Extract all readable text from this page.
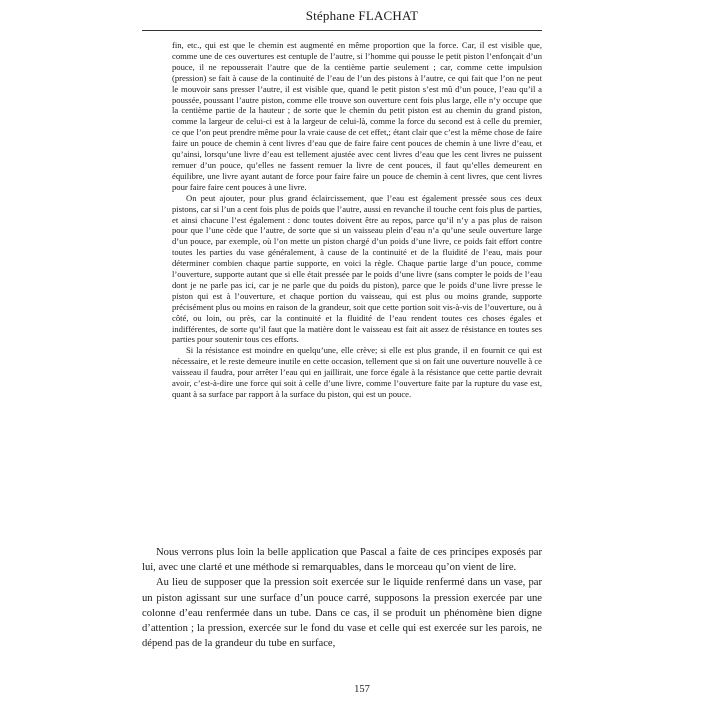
Stéphane FLACHAT

fin, etc., qui est que le chemin est augmenté en même proportion que la force. Car, il est visible que, comme une de ces ouvertures est centuple de l’autre, si l’homme qui pousse le petit piston l’enfonçait d’un pouce, il ne repousserait l’autre que de la centième partie seulement ; car, comme cette impulsion (pression) se fait à cause de la continuité de l’eau de l’un des pistons à l’autre, ce qui fait que l’on ne peut le mouvoir sans presser l’autre, il est visible que, quand le petit piston s’est mû d’un pouce, l’eau qu’il a poussée, poussant l’autre piston, comme elle trouve son ouverture cent fois plus large, elle n’y occupe que la centième partie de la hauteur ; de sorte que le chemin du petit piston est au chemin du grand piston, comme la largeur de celui-ci est à la largeur de celui-là, comme la force du second est à celle du premier, ce que l’on peut prendre même pour la vraie cause de cet effet,; étant clair que c’est la même chose de faire faire un pouce de chemin à cent livres d’eau que de faire faire cent pouces de chemin à une livre d’eau, et qu’ainsi, lorsqu’une livre d’eau est tellement ajustée avec cent livres d’eau que les cent livres ne puissent remuer d’un pouce, qu’elles ne fassent remuer la livre de cent pouces, il faut qu’elles demeurent en équilibre, une livre ayant autant de force pour faire faire un pouce de chemin à cent livres, que cent livres pour faire faire cent pouces à une livre.

On peut ajouter, pour plus grand éclaircissement, que l’eau est également pressée sous ces deux pistons, car si l’un a cent fois plus de poids que l’autre, aussi en revanche il touche cent fois plus de parties, et ainsi chacune l’est également : donc toutes doivent être au repos, parce qu’il n’y a pas plus de raison pour que l’une cède que l’autre, de sorte que si un vaisseau plein d’eau n’a qu’une seule ouverture large d’un pouce, par exemple, où l’on mette un piston chargé d’un poids d’une livre, ce poids fait effort contre toutes les parties du vase généralement, à cause de la continuité et de la fluidité de l’eau, mais pour déterminer combien chaque partie supporte, en voici la règle. Chaque partie large d’un pouce, comme l’ouverture, supporte autant que si elle était pressée par le poids d’une livre (sans compter le poids de l’eau dont je ne parle pas ici, car je ne parle que du poids du piston), parce que le poids d’une livre presse le piston qui est à l’ouverture, et chaque portion du vaisseau, qui est plus ou moins grande, supporte précisément plus ou moins en raison de la grandeur, soit que cette portion soit vis-à-vis de l’ouverture, ou à côté, ou loin, ou près, car la continuité et la fluidité de l’eau rendent toutes ces choses égales et indifférentes, de sorte qu’il faut que la matière dont le vaisseau est fait ait assez de résistance en toutes ses parties pour soutenir tous ces efforts.

Si la résistance est moindre en quelqu’une, elle crève; si elle est plus grande, il en fournit ce qui est nécessaire, et le reste demeure inutile en cette occasion, tellement que si on fait une ouverture nouvelle à ce vaisseau il faudra, pour arrêter l’eau qui en jaillirait, une force égale à la résistance que cette partie devrait avoir, c’est-à-dire une force qui soit à celle d’une livre, comme l’ouverture faite par la rupture du vase est, quant à sa surface par rapport à la surface du piston, qui est un pouce.

Nous verrons plus loin la belle application que Pascal a faite de ces principes exposés par lui, avec une clarté et une méthode si remarquables, dans le morceau qu’on vient de lire.

Au lieu de supposer que la pression soit exercée sur le liquide renfermé dans un vase, par un piston agissant sur une surface d’un pouce carré, supposons la pression exercée par une colonne d’eau renfermée dans un tube. Dans ce cas, il se produit un phénomène bien digne d’attention ; la pression, exercée sur le fond du vase et celle qui est exercée sur les parois, ne dépend pas de la grandeur du tube en surface,

157
